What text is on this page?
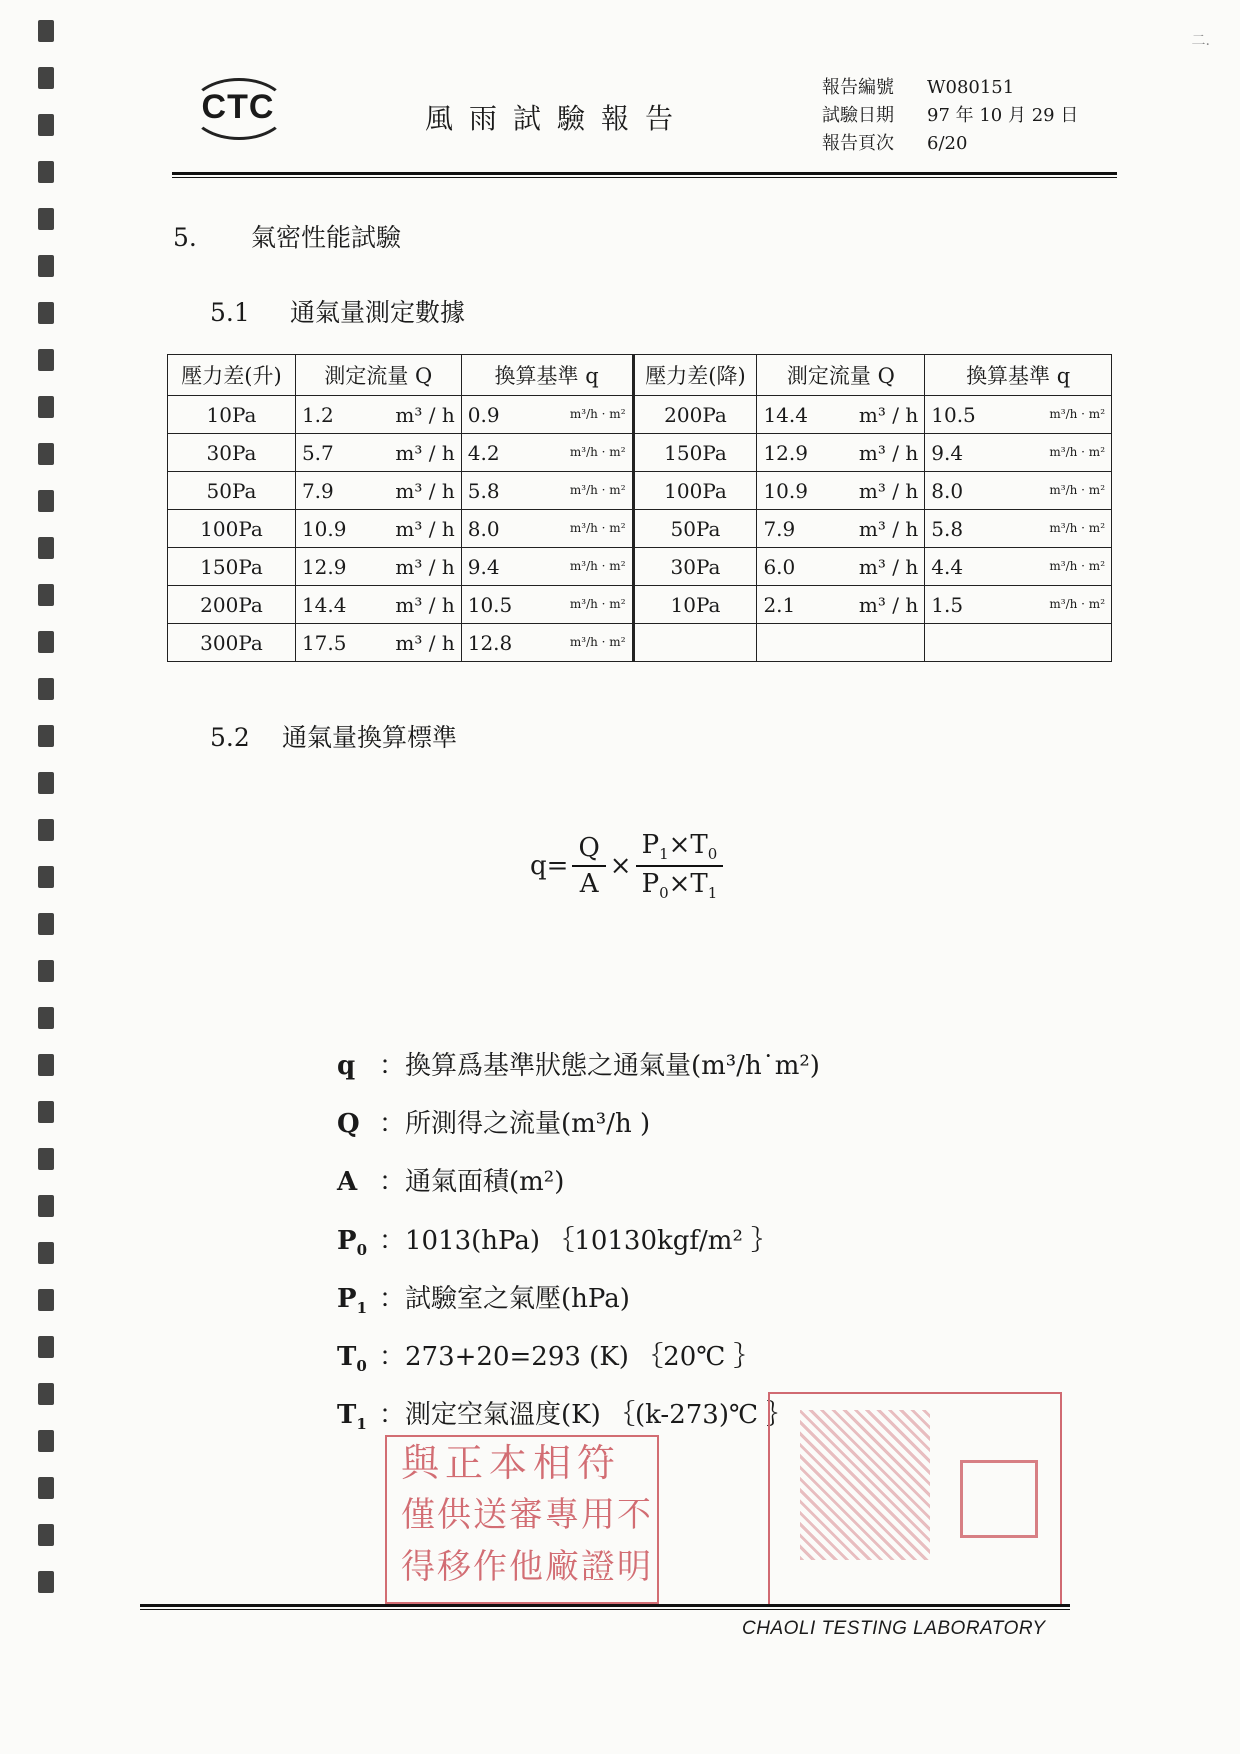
二.
CTC	風雨試驗報告
報告編號	W080151
試驗日期	97 年 10 月 29 日
報告頁次	6/20
5. 氣密性能試驗
5.1 通氣量測定數據
壓力差(升)	測定流量 Q	換算基準 q	壓力差(降)	測定流量 Q	換算基準 q
10Pa	1.2 m³ / h	0.9 m³/h · m²	200Pa	14.4 m³ / h	10.5 m³/h · m²

30Pa	5.7 m³ / h	4.2 m³/h · m²	150Pa	12.9 m³ / h	9.4 m³/h · m²

50Pa	7.9 m³ / h	5.8 m³/h · m²	100Pa	10.9 m³ / h	8.0 m³/h · m²

100Pa	10.9 m³ / h	8.0 m³/h · m²	50Pa	7.9 m³ / h	5.8 m³/h · m²

150Pa	12.9 m³ / h	9.4 m³/h · m²	30Pa	6.0 m³ / h	4.4 m³/h · m²

200Pa	14.4 m³ / h	10.5 m³/h · m²	10Pa	2.1 m³ / h	1.5 m³/h · m²

300Pa	17.5 m³ / h	12.8 m³/h · m²			

5.2 通氣量換算標準
$q= \frac{Q}{A} \times \frac{P_1\times T_0}{P_0\times T_1}$
q ：換算爲基準狀態之通氣量(m³/h˙m²)
Q ：所測得之流量(m³/h )
A ：通氣面積(m²)
$P_0$ ：1013(hPa) ｛10130kgf/m² ｝
$P_1$ ：試驗室之氣壓(hPa)
$T_0$ ：273+20=293 (K) ｛20℃ ｝
$T_1$ ：測定空氣溫度(K) ｛(k-273)℃ ｝
與正本相符
僅供送審專用不
得移作他廠證明
CHAOLI TESTING LABORATORY
